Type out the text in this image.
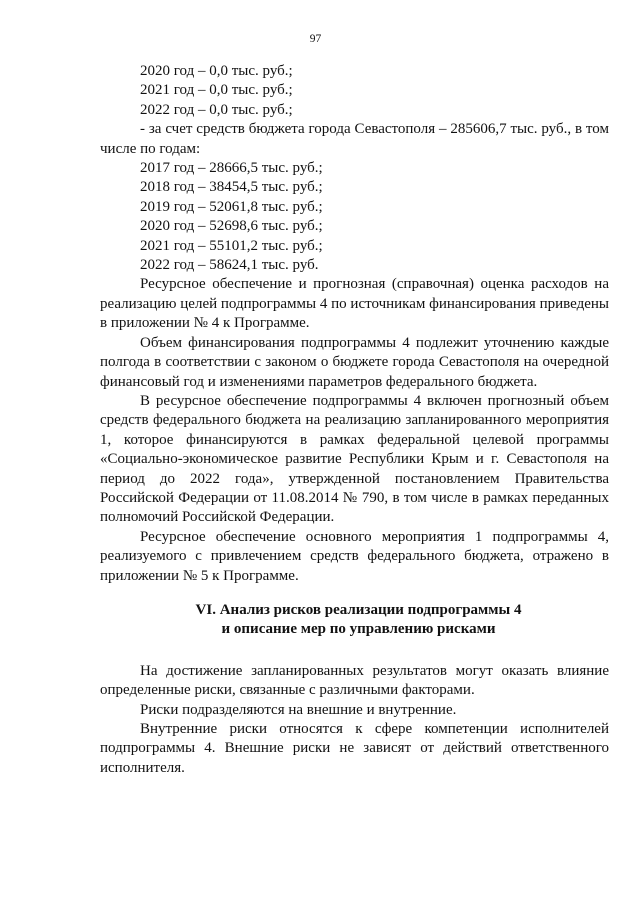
97

2020 год – 0,0 тыс. руб.;

2021 год – 0,0 тыс. руб.;

2022 год – 0,0 тыс. руб.;

- за счет средств бюджета города Севастополя – 285606,7 тыс. руб., в том числе по годам:

2017 год – 28666,5 тыс. руб.;

2018 год – 38454,5 тыс. руб.;

2019 год – 52061,8 тыс. руб.;

2020 год – 52698,6 тыс. руб.;

2021 год – 55101,2 тыс. руб.;

2022 год – 58624,1 тыс. руб.

Ресурсное обеспечение и прогнозная (справочная) оценка расходов на реализацию целей подпрограммы 4 по источникам финансирования приведены в приложении № 4 к Программе.

Объем финансирования подпрограммы 4 подлежит уточнению каждые полгода в соответствии с законом о бюджете города Севастополя на очередной финансовый год и изменениями параметров федерального бюджета.

В ресурсное обеспечение подпрограммы 4 включен прогнозный объем средств федерального бюджета на реализацию запланированного мероприятия 1, которое финансируются в рамках федеральной целевой программы «Социально-экономическое развитие Республики Крым и г. Севастополя на период до 2022 года», утвержденной постановлением Правительства Российской Федерации от 11.08.2014 № 790, в том числе в рамках переданных полномочий Российской Федерации.

Ресурсное обеспечение основного мероприятия 1 подпрограммы 4, реализуемого с привлечением средств федерального бюджета, отражено в приложении № 5 к Программе.

VI. Анализ рисков реализации подпрограммы 4

и описание мер по управлению рисками

На достижение запланированных результатов могут оказать влияние определенные риски, связанные с различными факторами.

Риски подразделяются на внешние и внутренние.

Внутренние риски относятся к сфере компетенции исполнителей подпрограммы 4. Внешние риски не зависят от действий ответственного исполнителя.
